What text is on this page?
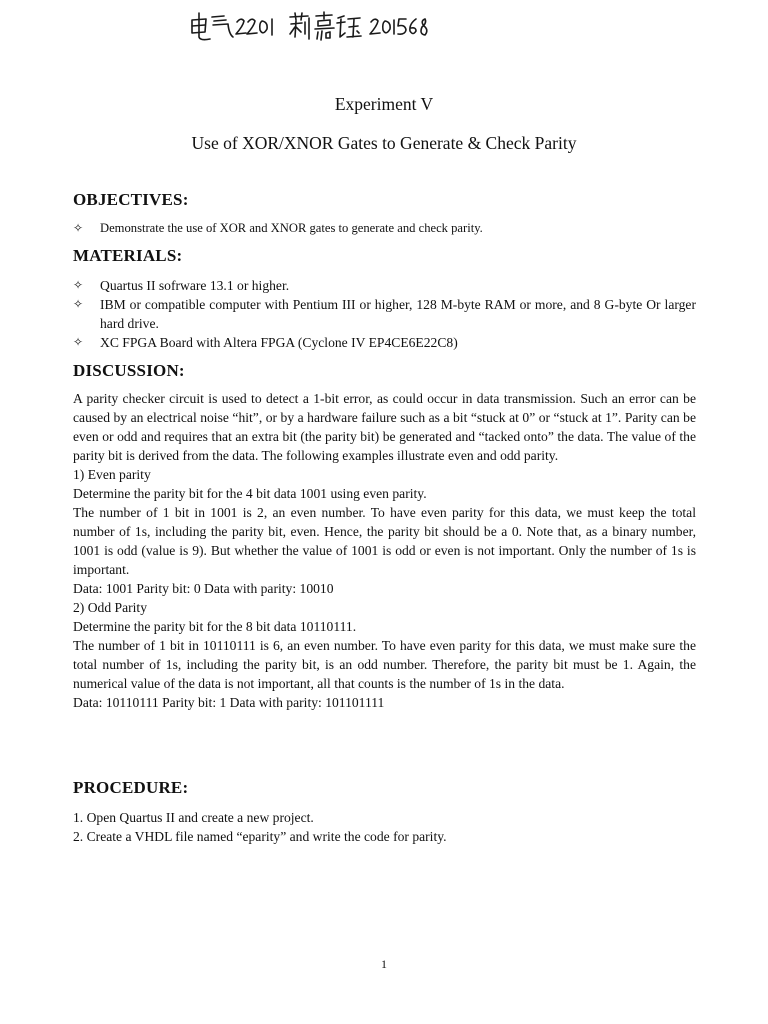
Experiment V
Use of XOR/XNOR Gates to Generate & Check Parity
OBJECTIVES:
✧ Demonstrate the use of XOR and XNOR gates to generate and check parity.
MATERIALS:
✧ Quartus II sofrware 13.1 or higher.
✧ IBM or compatible computer with Pentium III or higher, 128 M-byte RAM or more, and 8 G-byte Or larger hard drive.
✧ XC FPGA Board with Altera FPGA (Cyclone IV EP4CE6E22C8)
DISCUSSION:

A parity checker circuit is used to detect a 1-bit error, as could occur in data transmission. Such an error can be caused by an electrical noise “hit”, or by a hardware failure such as a bit “stuck at 0” or “stuck at 1”. Parity can be even or odd and requires that an extra bit (the parity bit) be generated and “tacked onto” the data. The value of the parity bit is derived from the data. The following examples illustrate even and odd parity.

1) Even parity

Determine the parity bit for the 4 bit data 1001 using even parity.

The number of 1 bit in 1001 is 2, an even number. To have even parity for this data, we must keep the total number of 1s, including the parity bit, even. Hence, the parity bit should be a 0. Note that, as a binary number, 1001 is odd (value is 9). But whether the value of 1001 is odd or even is not important. Only the number of 1s is important.

Data: 1001 Parity bit: 0 Data with parity: 10010

2) Odd Parity

Determine the parity bit for the 8 bit data 10110111.

The number of 1 bit in 10110111 is 6, an even number. To have even parity for this data, we must make sure the total number of 1s, including the parity bit, is an odd number. Therefore, the parity bit must be 1. Again, the numerical value of the data is not important, all that counts is the number of 1s in the data.

Data: 10110111 Parity bit: 1 Data with parity: 101101111

PROCEDURE:

1. Open Quartus II and create a new project.

2. Create a VHDL file named “eparity” and write the code for parity.

1
